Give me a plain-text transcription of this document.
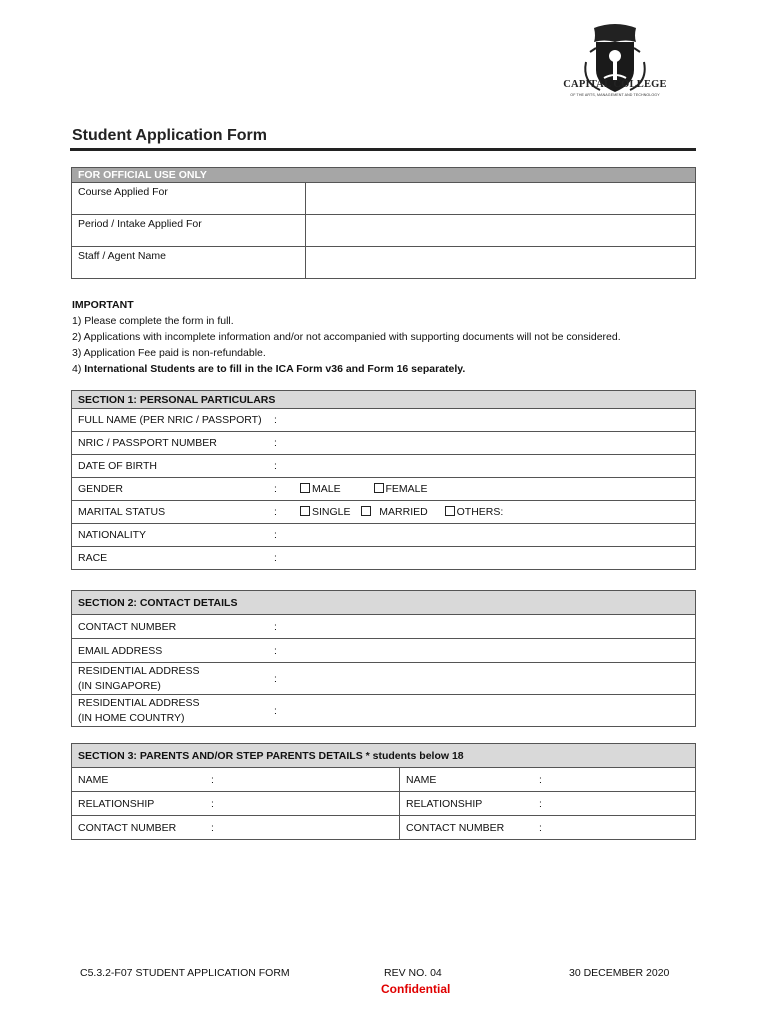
CAPITAL COLLEGE
OF THE ARTS, MANAGEMENT AND TECHNOLOGY
Student Application Form
FOR OFFICIAL USE ONLY	
Course Applied For	
Period / Intake Applied For	
Staff / Agent Name	
IMPORTANT
1) Please complete the form in full.
2) Applications with incomplete information and/or not accompanied with supporting documents will not be considered.
3) Application Fee paid is non-refundable.
4) International Students are to fill in the ICA Form v36 and Form 16 separately.
SECTION 1: PERSONAL PARTICULARS		
FULL NAME (PER NRIC / PASSPORT)	:	
NRIC / PASSPORT NUMBER	:	
DATE OF BIRTH	:	
GENDER	:	MALE FEMALE
MARITAL STATUS	:	SINGLE MARRIED OTHERS:
NATIONALITY	:	
RACE	:	
SECTION 2: CONTACT DETAILS		
CONTACT NUMBER	:	
EMAIL ADDRESS	:	

RESIDENTIAL ADDRESS
(IN SINGAPORE)	:	

RESIDENTIAL ADDRESS
(IN HOME COUNTRY)	:	
SECTION 3: PARENTS AND/OR STEP PARENTS DETAILS * students below 18					
NAME	:		NAME	:	
RELATIONSHIP	:		RELATIONSHIP	:	
CONTACT NUMBER	:		CONTACT NUMBER	:	
C5.3.2-F07 STUDENT APPLICATION FORM	REV NO. 04
Confidential
30 DECEMBER 2020
